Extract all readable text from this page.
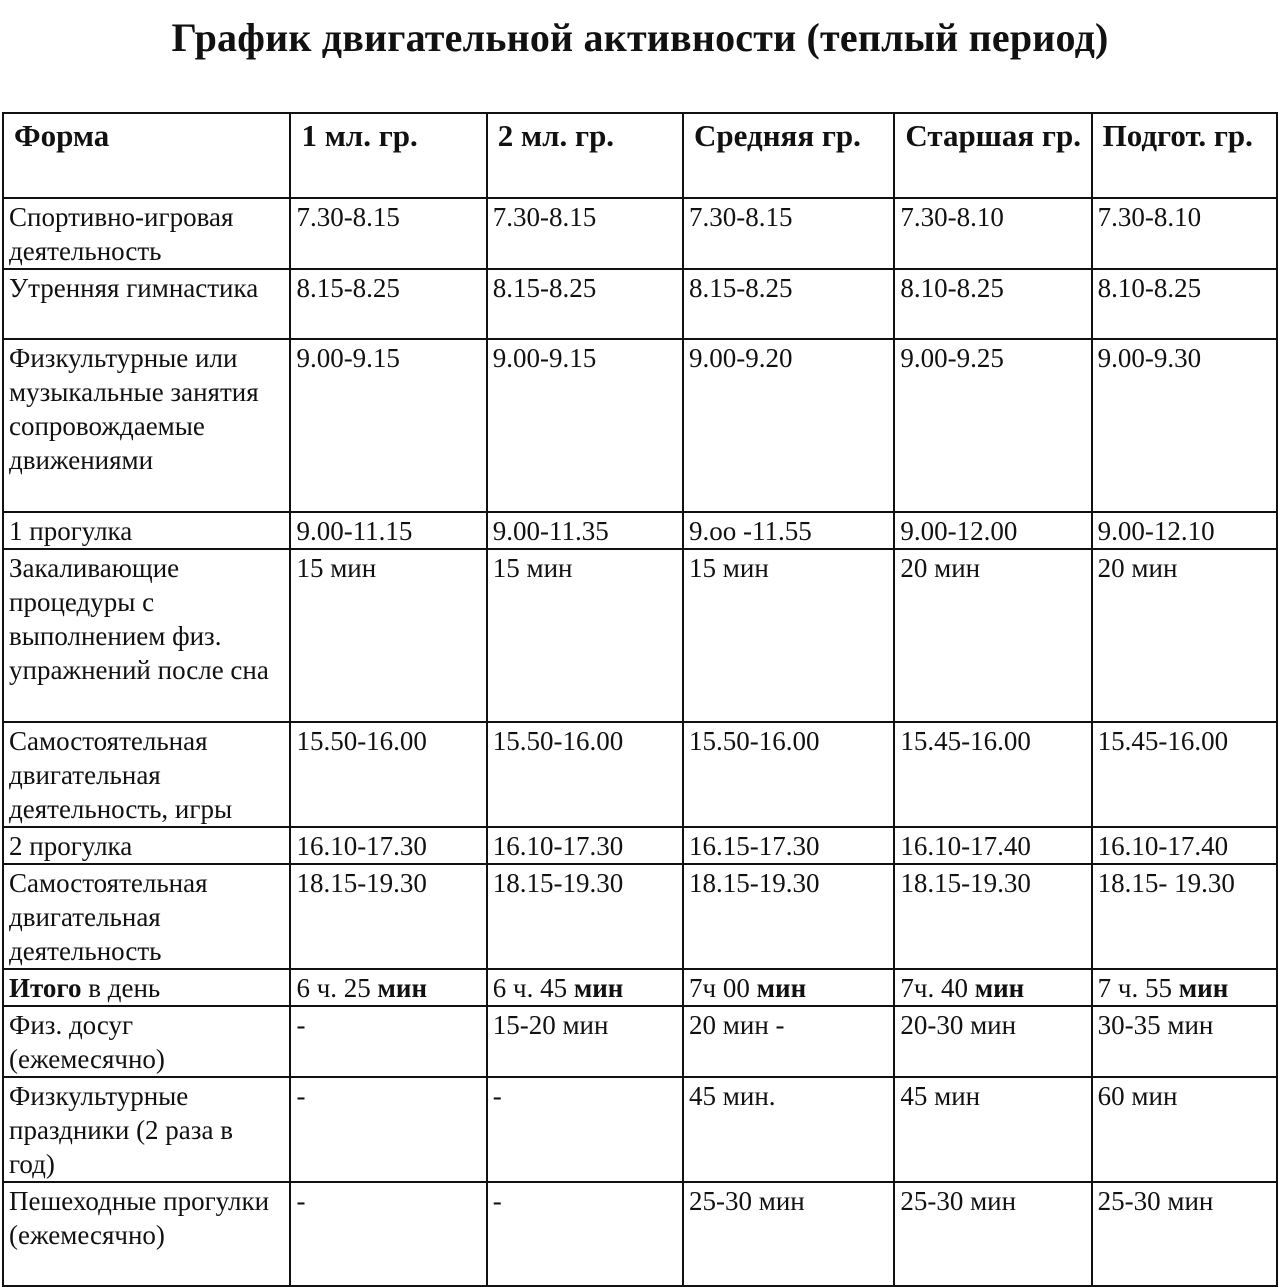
График двигательной активности (теплый период)
Форма	1 мл. гр.	2 мл. гр.	Средняя гр.	Старшая гр.	Подгот. гр.
Спортивно-игровая деятельность	7.30-8.15	7.30-8.15	7.30-8.15	7.30-8.10	7.30-8.10
Утренняя гимнастика	8.15-8.25	8.15-8.25	8.15-8.25	8.10-8.25	8.10-8.25
Физкультурные или музыкальные занятия сопровождаемые движениями	9.00-9.15	9.00-9.15	9.00-9.20	9.00-9.25	9.00-9.30
1 прогулка	9.00-11.15	9.00-11.35	9.оо -11.55	9.00-12.00	9.00-12.10
Закаливающие процедуры с выполнением физ. упражнений после сна	15 мин	15 мин	15 мин	20 мин	20 мин
Самостоятельная двигательная деятельность, игры	15.50-16.00	15.50-16.00	15.50-16.00	15.45-16.00	15.45-16.00
2 прогулка	16.10-17.30	16.10-17.30	16.15-17.30	16.10-17.40	16.10-17.40
Самостоятельная двигательная деятельность	18.15-19.30	18.15-19.30	18.15-19.30	18.15-19.30	18.15- 19.30
Итого в день	6 ч. 25 мин	6 ч. 45 мин	7ч 00 мин	7ч. 40 мин	7 ч. 55 мин
Физ. досуг (ежемесячно)	-	15-20 мин	20 мин -	20-30 мин	30-35 мин
Физкультурные праздники (2 раза в год)	-	-	45 мин.	45 мин	60 мин
Пешеходные прогулки (ежемесячно)	-	-	25-30 мин	25-30 мин	25-30 мин
